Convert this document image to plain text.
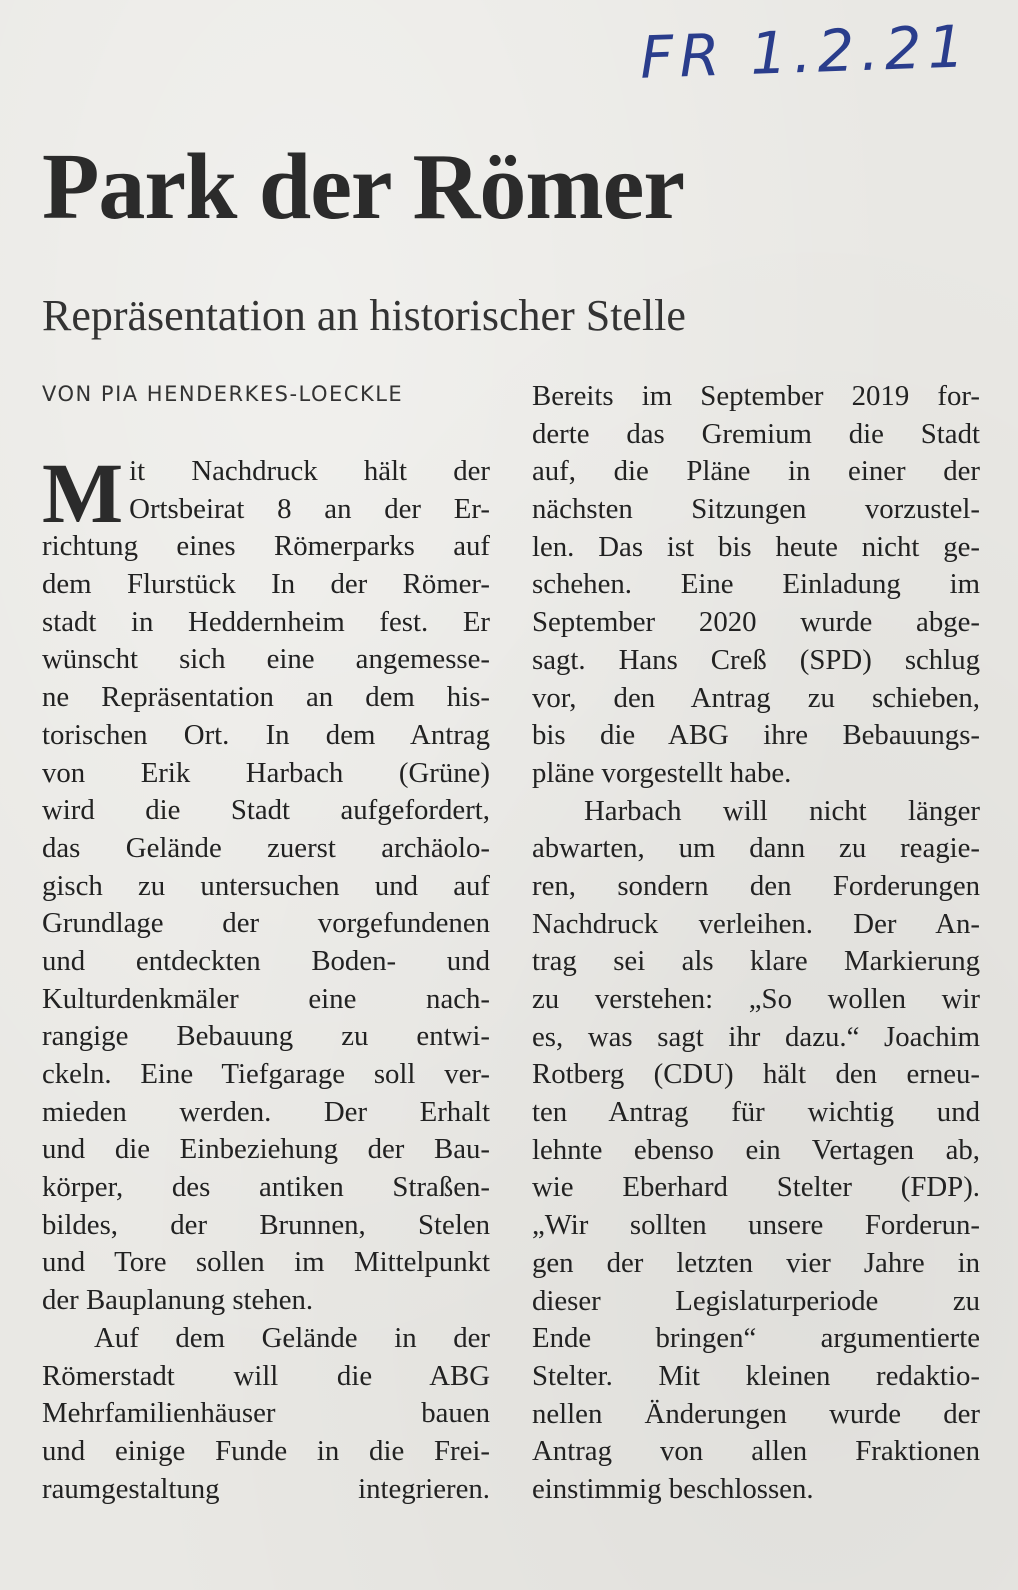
FR 1.2.21
Park der Römer
Repräsentation an historischer Stelle
VON PIA HENDERKES-LOECKLE
M it Nachdruck hält der
Ortsbeirat 8 an der Er-
richtung eines Römerparks auf
dem Flurstück In der Römer-
stadt in Heddernheim fest. Er
wünscht sich eine angemesse-
ne Repräsentation an dem his-
torischen Ort. In dem Antrag
von Erik Harbach (Grüne)
wird die Stadt aufgefordert,
das Gelände zuerst archäolo-
gisch zu untersuchen und auf
Grundlage der vorgefundenen
und entdeckten Boden- und
Kulturdenkmäler eine nach-
rangige Bebauung zu entwi-
ckeln. Eine Tiefgarage soll ver-
mieden werden. Der Erhalt
und die Einbeziehung der Bau-
körper, des antiken Straßen-
bildes, der Brunnen, Stelen
und Tore sollen im Mittelpunkt
der Bauplanung stehen.
Auf dem Gelände in der
Römerstadt will die ABG
Mehrfamilienhäuser bauen
und einige Funde in die Frei-
raumgestaltung integrieren.
Bereits im September 2019 for-
derte das Gremium die Stadt
auf, die Pläne in einer der
nächsten Sitzungen vorzustel-
len. Das ist bis heute nicht ge-
schehen. Eine Einladung im
September 2020 wurde abge-
sagt. Hans Creß (SPD) schlug
vor, den Antrag zu schieben,
bis die ABG ihre Bebauungs-
pläne vorgestellt habe.
Harbach will nicht länger
abwarten, um dann zu reagie-
ren, sondern den Forderungen
Nachdruck verleihen. Der An-
trag sei als klare Markierung
zu verstehen: „So wollen wir
es, was sagt ihr dazu.“ Joachim
Rotberg (CDU) hält den erneu-
ten Antrag für wichtig und
lehnte ebenso ein Vertagen ab,
wie Eberhard Stelter (FDP).
„Wir sollten unsere Forderun-
gen der letzten vier Jahre in
dieser Legislaturperiode zu
Ende bringen“ argumentierte
Stelter. Mit kleinen redaktio-
nellen Änderungen wurde der
Antrag von allen Fraktionen
einstimmig beschlossen.
